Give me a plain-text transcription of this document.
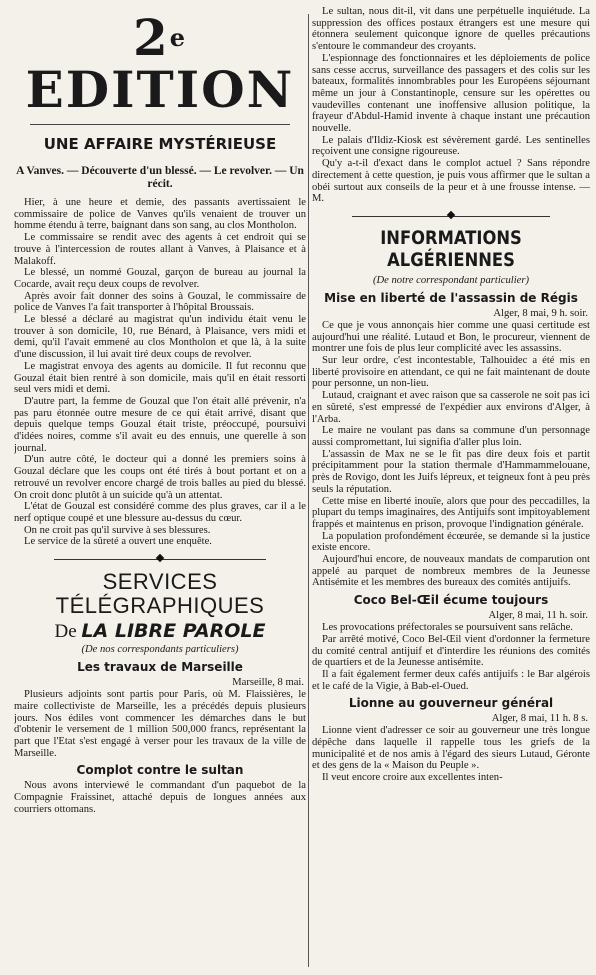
2e EDITION
UNE AFFAIRE MYSTÉRIEUSE
A Vanves. — Découverte d'un blessé. — Le revolver. — Un récit.

Hier, à une heure et demie, des passants avertissaient le commissaire de police de Vanves qu'ils venaient de trouver un homme étendu à terre, baignant dans son sang, au clos Montholon.

Le commissaire se rendit avec des agents à cet endroit qui se trouve à l'intercession de routes allant à Vanves, à Plaisance et à Malakoff.

Le blessé, un nommé Gouzal, garçon de bureau au journal la Cocarde, avait reçu deux coups de revolver.

Après avoir fait donner des soins à Gouzal, le commissaire de police de Vanves l'a fait transporter à l'hôpital Broussais.

Le blessé a déclaré au magistrat qu'un individu était venu le trouver à son domicile, 10, rue Bénard, à Plaisance, vers midi et demi, qu'il l'avait emmené au clos Montholon et que là, à la suite d'une discussion, il lui avait tiré deux coups de revolver.

Le magistrat envoya des agents au domicile. Il fut reconnu que Gouzal était bien rentré à son domicile, mais qu'il en était ressorti seul vers midi et demi.

D'autre part, la femme de Gouzal que l'on était allé prévenir, n'a pas paru étonnée outre mesure de ce qui était arrivé, disant que depuis quelque temps Gouzal était triste, préoccupé, poursuivi d'idées noires, comme s'il avait eu des ennuis, une querelle à son journal.

D'un autre côté, le docteur qui a donné les premiers soins à Gouzal déclare que les coups ont été tirés à bout portant et on a retrouvé un revolver encore chargé de trois balles au pied du blessé. On croit donc plutôt à un suicide qu'à un attentat.

L'état de Gouzal est considéré comme des plus graves, car il a le nerf optique coupé et une blessure au-dessus du cœur.

On ne croit pas qu'il survive à ses blessures.

Le service de la sûreté a ouvert une enquête.

SERVICES TÉLÉGRAPHIQUES
De LA LIBRE PAROLE
(De nos correspondants particuliers)
Les travaux de Marseille
Marseille, 8 mai.

Plusieurs adjoints sont partis pour Paris, où M. Flaissières, le maire collectiviste de Marseille, les a précédés depuis plusieurs jours. Nos édiles vont commencer les démarches dans le but d'obtenir le versement de 1 million 500,000 francs, représentant la part que l'Etat s'est engagé à verser pour les travaux de la ville de Marseille.

Complot contre le sultan

Nous avons interviewé le commandant d'un paquebot de la Compagnie Fraissinet, attaché depuis de longues années aux courriers ottomans.

Le sultan, nous dit-il, vit dans une perpétuelle inquiétude. La suppression des offices postaux étrangers est une mesure qui étonnera seulement quiconque ignore de quelles précautions s'entoure le commandeur des croyants.

L'espionnage des fonctionnaires et les déploiements de police sans cesse accrus, surveillance des passagers et des colis sur les bateaux, formalités innombrables pour les Européens séjournant même un jour à Constantinople, censure sur les opérettes ou vaudevilles contenant une inoffensive allusion politique, la frayeur d'Abdul-Hamid invente à chaque instant une précaution nouvelle.

Le palais d'Ildiz-Kiosk est sévèrement gardé. Les sentinelles reçoivent une consigne rigoureuse.

Qu'y a-t-il d'exact dans le complot actuel ? Sans répondre directement à cette question, je puis vous affirmer que le sultan a obéi surtout aux conseils de la peur et à une frousse intense. — M.

INFORMATIONS ALGÉRIENNES
(De notre correspondant particulier)
Mise en liberté de l'assassin de Régis
Alger, 8 mai, 9 h. soir.

Ce que je vous annonçais hier comme une quasi certitude est aujourd'hui une réalité. Lutaud et Bon, le procureur, viennent de montrer une fois de plus leur complicité avec les assassins.

Sur leur ordre, c'est incontestable, Talhouidec a été mis en liberté provisoire en attendant, ce qui ne fait maintenant de doute pour personne, un non-lieu.

Lutaud, craignant et avec raison que sa casserole ne soit pas ici en sûreté, s'est empressé de l'expédier aux environs d'Alger, à l'Arba.

Le maire ne voulant pas dans sa commune d'un personnage aussi compromettant, lui signifia d'aller plus loin.

L'assassin de Max ne se le fit pas dire deux fois et partit précipitamment pour la station thermale d'Hammammelouane, près de Rovigo, dont les Juifs lépreux, et teigneux font à peu près seuls la réputation.

Cette mise en liberté inouïe, alors que pour des peccadilles, la plupart du temps imaginaires, des Antijuifs sont impitoyablement frappés et maintenus en prison, provoque l'indignation générale.

La population profondément écœurée, se demande si la justice existe encore.

Aujourd'hui encore, de nouveaux mandats de comparution ont appelé au parquet de nombreux membres de la Jeunesse Antisémite et les membres des bureaux des comités antijuifs.

Coco Bel-Œil écume toujours
Alger, 8 mai, 11 h. soir.

Les provocations préfectorales se poursuivent sans relâche.

Par arrêté motivé, Coco Bel-Œil vient d'ordonner la fermeture du comité central antijuif et d'interdire les réunions des comités de quartiers et de la Jeunesse antisémite.

Il a fait également fermer deux cafés antijuifs : le Bar algérois et le café de la Vigie, à Bab-el-Oued.

Lionne au gouverneur général
Alger, 8 mai, 11 h. 8 s.

Lionne vient d'adresser ce soir au gouverneur une très longue dépêche dans laquelle il rappelle tous les griefs de la municipalité et de nos amis à l'égard des sieurs Lutaud, Géronte et des gens de la « Maison du Peuple ».

Il veut encore croire aux excellentes inten-
